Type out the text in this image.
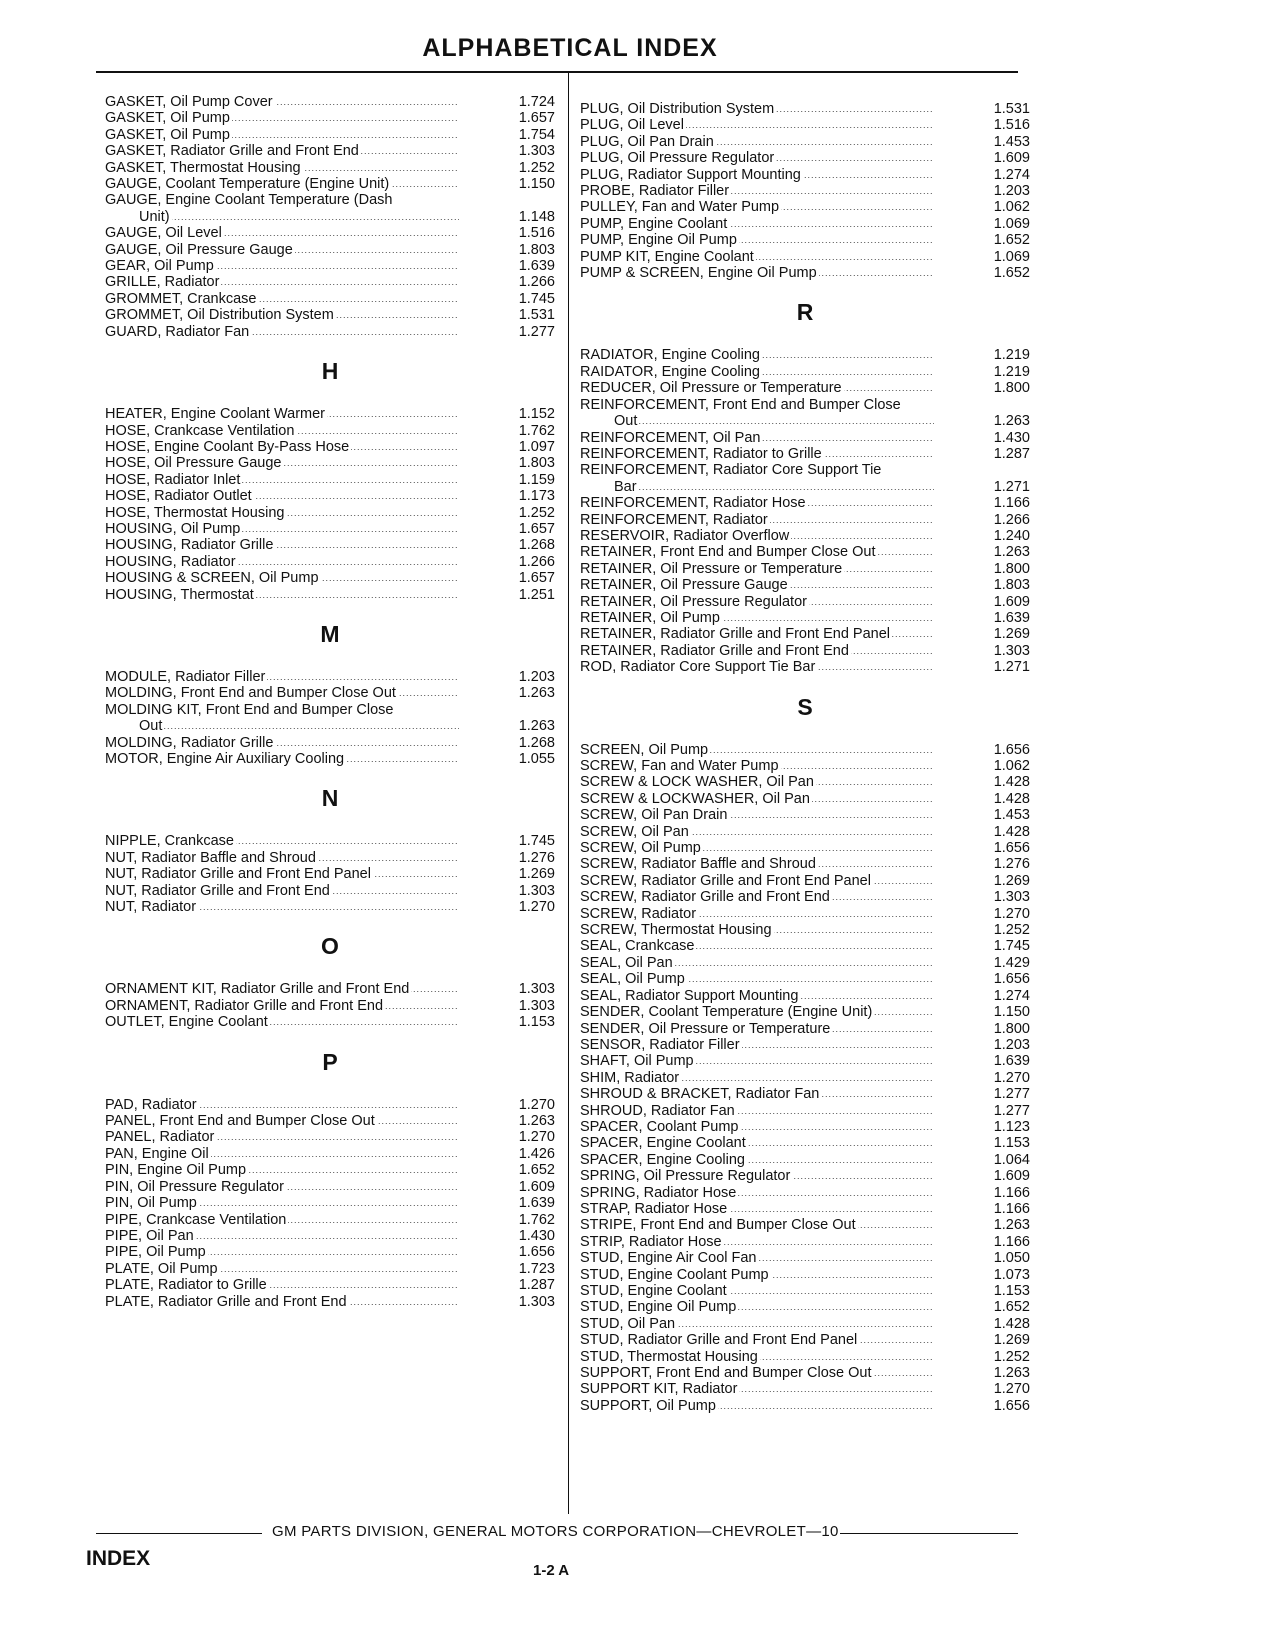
ALPHABETICAL INDEX
GASKET, Oil Pump Cover .....	1.724
GASKET, Oil Pump .....	1.657
GASKET, Oil Pump .....	1.754
GASKET, Radiator Grille and Front End .....	1.303
GASKET, Thermostat Housing .....	1.252
GAUGE, Coolant Temperature (Engine Unit) .....	1.150
GAUGE, Engine Coolant Temperature (Dash
Unit) .....	1.148
GAUGE, Oil Level .....	1.516
GAUGE, Oil Pressure Gauge .....	1.803
GEAR, Oil Pump .....	1.639
GRILLE, Radiator .....	1.266
GROMMET, Crankcase .....	1.745
GROMMET, Oil Distribution System .....	1.531
GUARD, Radiator Fan .....	1.277
H
HEATER, Engine Coolant Warmer .....	1.152
HOSE, Crankcase Ventilation .....	1.762
HOSE, Engine Coolant By-Pass Hose .....	1.097
HOSE, Oil Pressure Gauge .....	1.803
HOSE, Radiator Inlet .....	1.159
HOSE, Radiator Outlet .....	1.173
HOSE, Thermostat Housing .....	1.252
HOUSING, Oil Pump .....	1.657
HOUSING, Radiator Grille .....	1.268
HOUSING, Radiator .....	1.266
HOUSING & SCREEN, Oil Pump .....	1.657
HOUSING, Thermostat .....	1.251
M
MODULE, Radiator Filler .....	1.203
MOLDING, Front End and Bumper Close Out .....	1.263
MOLDING KIT, Front End and Bumper Close
Out .....	1.263
MOLDING, Radiator Grille .....	1.268
MOTOR, Engine Air Auxiliary Cooling .....	1.055
N
NIPPLE, Crankcase .....	1.745
NUT, Radiator Baffle and Shroud .....	1.276
NUT, Radiator Grille and Front End Panel .....	1.269
NUT, Radiator Grille and Front End .....	1.303
NUT, Radiator .....	1.270
O
ORNAMENT KIT, Radiator Grille and Front End .....	1.303
ORNAMENT, Radiator Grille and Front End .....	1.303
OUTLET, Engine Coolant .....	1.153
P
PAD, Radiator .....	1.270
PANEL, Front End and Bumper Close Out .....	1.263
PANEL, Radiator .....	1.270
PAN, Engine Oil .....	1.426
PIN, Engine Oil Pump .....	1.652
PIN, Oil Pressure Regulator .....	1.609
PIN, Oil Pump .....	1.639
PIPE, Crankcase Ventilation .....	1.762
PIPE, Oil Pan .....	1.430
PIPE, Oil Pump .....	1.656
PLATE, Oil Pump .....	1.723
PLATE, Radiator to Grille .....	1.287
PLATE, Radiator Grille and Front End .....	1.303
PLUG, Oil Distribution System .....	1.531
PLUG, Oil Level .....	1.516
PLUG, Oil Pan Drain .....	1.453
PLUG, Oil Pressure Regulator .....	1.609
PLUG, Radiator Support Mounting .....	1.274
PROBE, Radiator Filler .....	1.203
PULLEY, Fan and Water Pump .....	1.062
PUMP, Engine Coolant .....	1.069
PUMP, Engine Oil Pump .....	1.652
PUMP KIT, Engine Coolant .....	1.069
PUMP & SCREEN, Engine Oil Pump .....	1.652
R
RADIATOR, Engine Cooling .....	1.219
RAIDATOR, Engine Cooling .....	1.219
REDUCER, Oil Pressure or Temperature .....	1.800
REINFORCEMENT, Front End and Bumper Close
Out .....	1.263
REINFORCEMENT, Oil Pan .....	1.430
REINFORCEMENT, Radiator to Grille .....	1.287
REINFORCEMENT, Radiator Core Support Tie
Bar .....	1.271
REINFORCEMENT, Radiator Hose .....	1.166
REINFORCEMENT, Radiator .....	1.266
RESERVOIR, Radiator Overflow .....	1.240
RETAINER, Front End and Bumper Close Out .....	1.263
RETAINER, Oil Pressure or Temperature .....	1.800
RETAINER, Oil Pressure Gauge .....	1.803
RETAINER, Oil Pressure Regulator .....	1.609
RETAINER, Oil Pump .....	1.639
RETAINER, Radiator Grille and Front End Panel .....	1.269
RETAINER, Radiator Grille and Front End .....	1.303
ROD, Radiator Core Support Tie Bar .....	1.271
S
SCREEN, Oil Pump .....	1.656
SCREW, Fan and Water Pump .....	1.062
SCREW & LOCK WASHER, Oil Pan .....	1.428
SCREW & LOCKWASHER, Oil Pan .....	1.428
SCREW, Oil Pan Drain .....	1.453
SCREW, Oil Pan .....	1.428
SCREW, Oil Pump .....	1.656
SCREW, Radiator Baffle and Shroud .....	1.276
SCREW, Radiator Grille and Front End Panel .....	1.269
SCREW, Radiator Grille and Front End .....	1.303
SCREW, Radiator .....	1.270
SCREW, Thermostat Housing .....	1.252
SEAL, Crankcase .....	1.745
SEAL, Oil Pan .....	1.429
SEAL, Oil Pump .....	1.656
SEAL, Radiator Support Mounting .....	1.274
SENDER, Coolant Temperature (Engine Unit) .....	1.150
SENDER, Oil Pressure or Temperature .....	1.800
SENSOR, Radiator Filler .....	1.203
SHAFT, Oil Pump .....	1.639
SHIM, Radiator .....	1.270
SHROUD & BRACKET, Radiator Fan .....	1.277
SHROUD, Radiator Fan .....	1.277
SPACER, Coolant Pump .....	1.123
SPACER, Engine Coolant .....	1.153
SPACER, Engine Cooling .....	1.064
SPRING, Oil Pressure Regulator .....	1.609
SPRING, Radiator Hose .....	1.166
STRAP, Radiator Hose .....	1.166
STRIPE, Front End and Bumper Close Out .....	1.263
STRIP, Radiator Hose .....	1.166
STUD, Engine Air Cool Fan .....	1.050
STUD, Engine Coolant Pump .....	1.073
STUD, Engine Coolant .....	1.153
STUD, Engine Oil Pump .....	1.652
STUD, Oil Pan .....	1.428
STUD, Radiator Grille and Front End Panel .....	1.269
STUD, Thermostat Housing .....	1.252
SUPPORT, Front End and Bumper Close Out .....	1.263
SUPPORT KIT, Radiator .....	1.270
SUPPORT, Oil Pump .....	1.656
GM PARTS DIVISION, GENERAL MOTORS CORPORATION—CHEVROLET—10
INDEX
1-2 A
